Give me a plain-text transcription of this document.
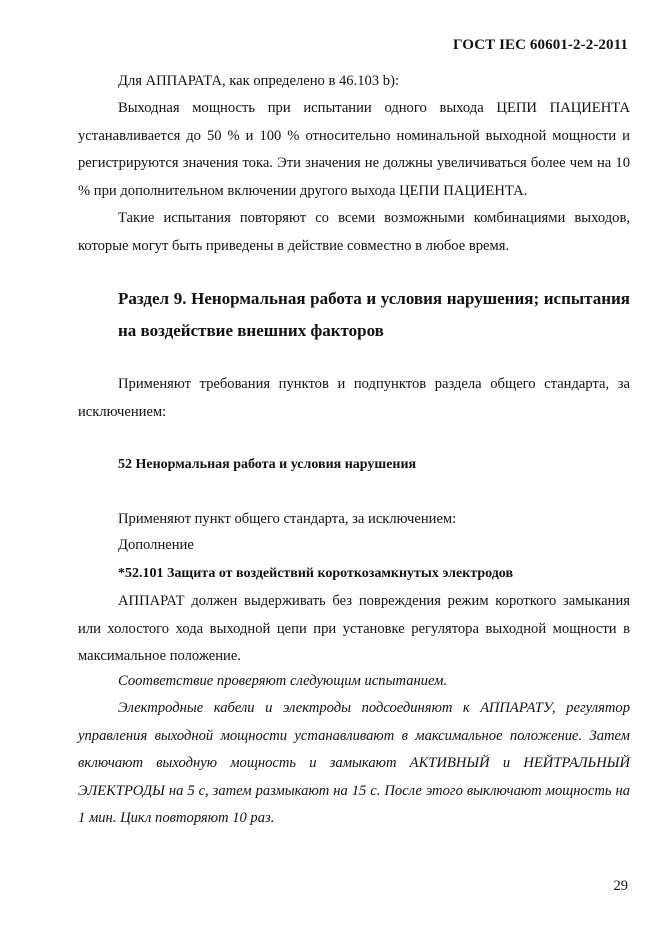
ГОСТ IEC 60601-2-2-2011

Для АППАРАТА, как определено в 46.103 b):

Выходная мощность при испытании одного выхода ЦЕПИ ПАЦИЕНТА устанавливается до 50 % и 100 % относительно номинальной выходной мощности и регистрируются значения тока. Эти значения не должны увеличиваться более чем на 10 % при дополнительном включении другого выхода ЦЕПИ ПАЦИЕНТА.

Такие испытания повторяют со всеми возможными комбинациями выходов, которые могут быть приведены в действие совместно в любое время.

Раздел 9. Ненормальная работа и условия нарушения; испытания на воздействие внешних факторов

Применяют требования пунктов и подпунктов раздела общего стандарта, за исключением:

52 Ненормальная работа и условия нарушения

Применяют пункт общего стандарта, за исключением:

Дополнение

*52.101 Защита от воздействий короткозамкнутых электродов

АППАРАТ должен выдерживать без повреждения режим короткого замыкания или холостого хода выходной цепи при установке регулятора выходной мощности в максимальное положение.

Соответствие проверяют следующим испытанием.

Электродные кабели и электроды подсоединяют к АППАРАТУ, регулятор управления выходной мощности устанавливают в максимальное положение. Затем включают выходную мощность и замыкают АКТИВНЫЙ и НЕЙТРАЛЬНЫЙ ЭЛЕКТРОДЫ на 5 с, затем размыкают на 15 с. После этого выключают мощность на 1 мин. Цикл повторяют 10 раз.

29
